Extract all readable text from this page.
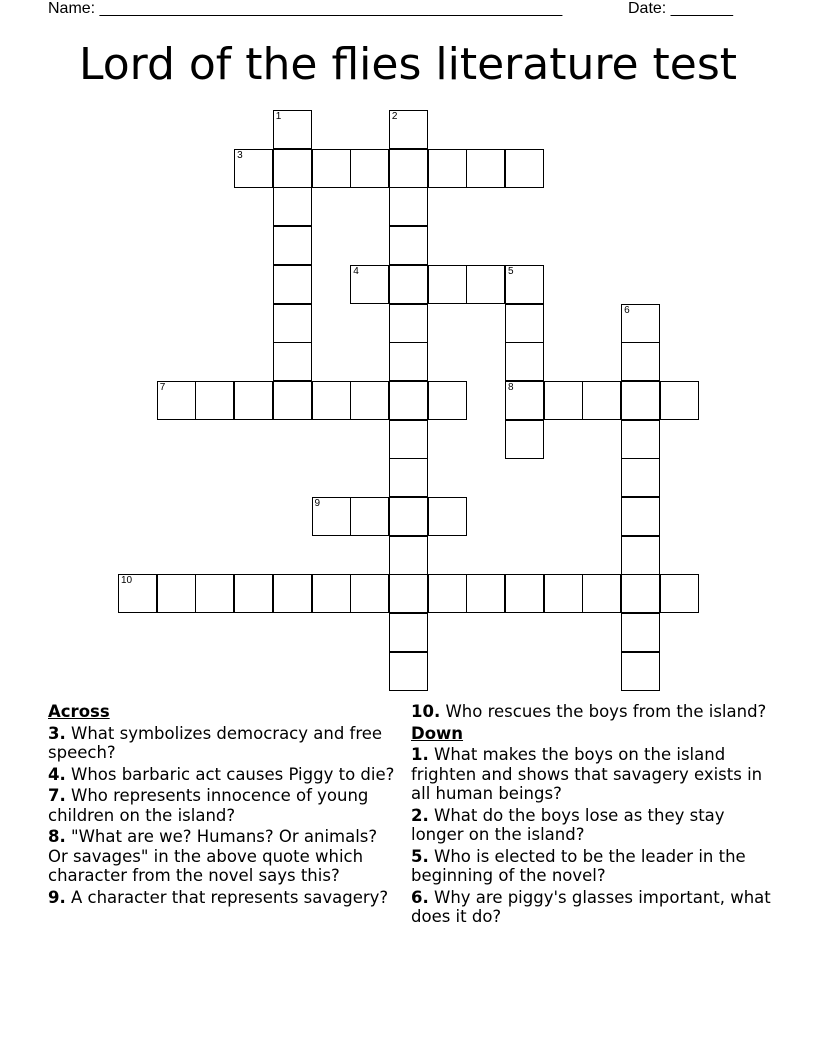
Name: ____________________________________________________	Date: _______
Lord of the flies literature test
1	2
3
4	5
8
6
7
9
10
Across
3. What symbolizes democracy and free speech?
4. Whos barbaric act causes Piggy to die?
7. Who represents innocence of young children on the island?
8. "What are we? Humans? Or animals? Or savages" in the above quote which character from the novel says this?
9. A character that represents savagery?
10. Who rescues the boys from the island?
Down
1. What makes the boys on the island frighten and shows that savagery exists in all human beings?
2. What do the boys lose as they stay longer on the island?
5. Who is elected to be the leader in the beginning of the novel?
6. Why are piggy's glasses important, what does it do?
